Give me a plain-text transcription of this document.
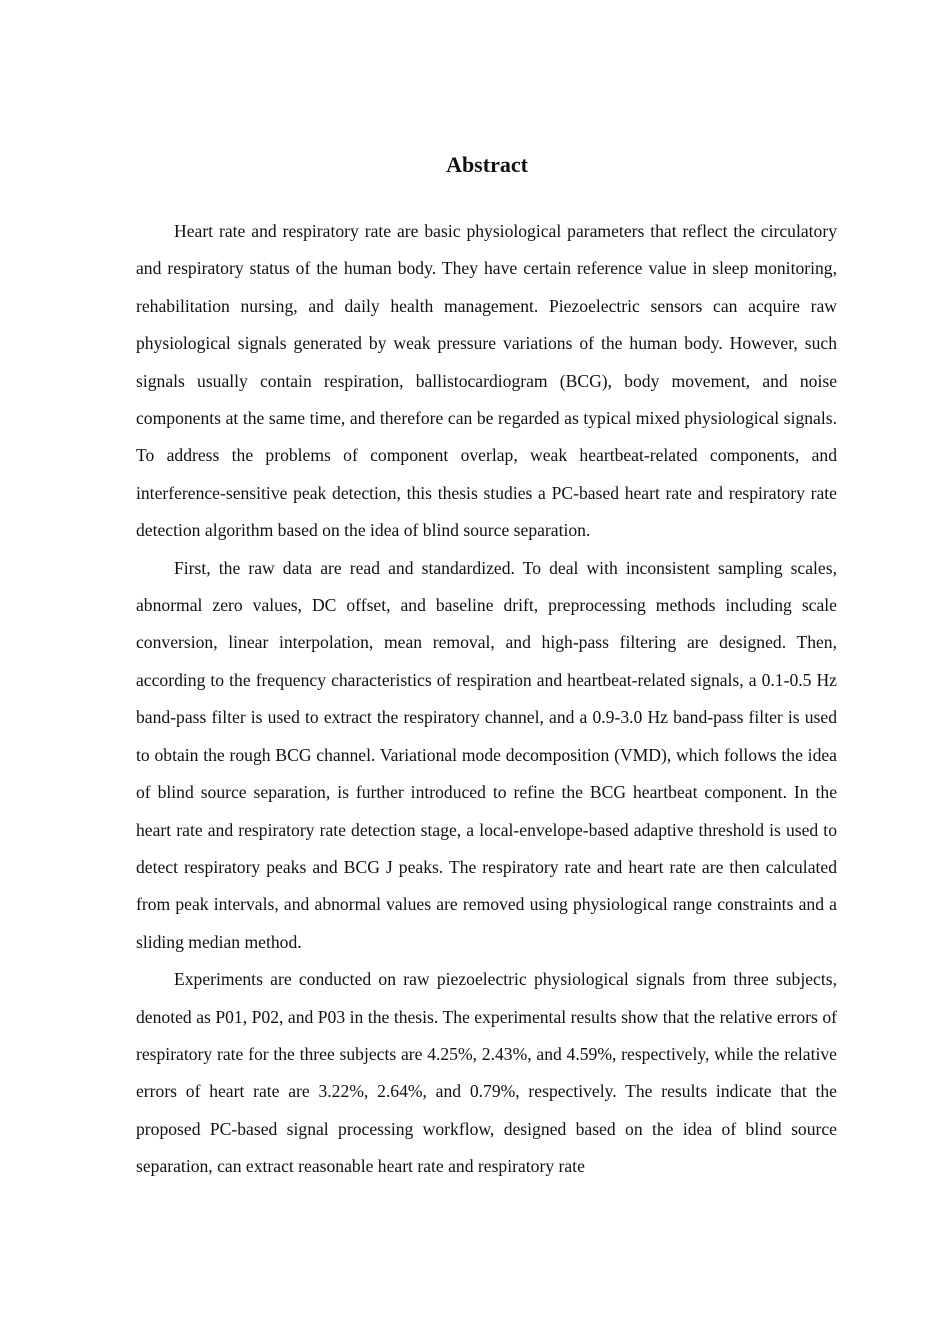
Abstract

Heart rate and respiratory rate are basic physiological parameters that reflect the circulatory and respiratory status of the human body. They have certain reference value in sleep monitoring, rehabilitation nursing, and daily health management. Piezoelectric sensors can acquire raw physiological signals generated by weak pressure variations of the human body. However, such signals usually contain respiration, ballistocardiogram (BCG), body movement, and noise components at the same time, and therefore can be regarded as typical mixed physiological signals. To address the problems of component overlap, weak heartbeat-related components, and interference-sensitive peak detection, this thesis studies a PC-based heart rate and respiratory rate detection algorithm based on the idea of blind source separation.

First, the raw data are read and standardized. To deal with inconsistent sampling scales, abnormal zero values, DC offset, and baseline drift, preprocessing methods including scale conversion, linear interpolation, mean removal, and high-pass filtering are designed. Then, according to the frequency characteristics of respiration and heartbeat-related signals, a 0.1-0.5 Hz band-pass filter is used to extract the respiratory channel, and a 0.9-3.0 Hz band-pass filter is used to obtain the rough BCG channel. Variational mode decomposition (VMD), which follows the idea of blind source separation, is further introduced to refine the BCG heartbeat component. In the heart rate and respiratory rate detection stage, a local-envelope-based adaptive threshold is used to detect respiratory peaks and BCG J peaks. The respiratory rate and heart rate are then calculated from peak intervals, and abnormal values are removed using physiological range constraints and a sliding median method.

Experiments are conducted on raw piezoelectric physiological signals from three subjects, denoted as P01, P02, and P03 in the thesis. The experimental results show that the relative errors of respiratory rate for the three subjects are 4.25%, 2.43%, and 4.59%, respectively, while the relative errors of heart rate are 3.22%, 2.64%, and 0.79%, respectively. The results indicate that the proposed PC-based signal processing workflow, designed based on the idea of blind source separation, can extract reasonable heart rate and respiratory rate
